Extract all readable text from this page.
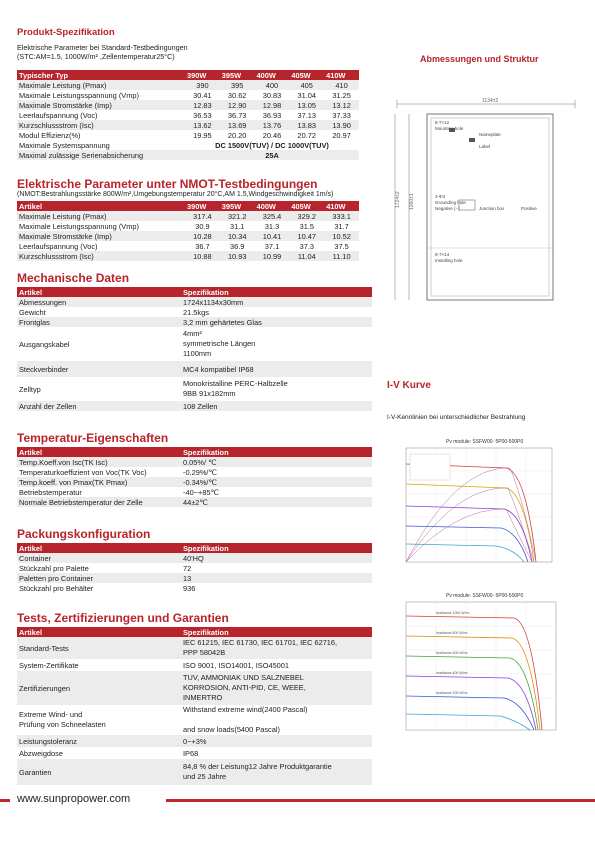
Produkt-Spezifikation
Elektrische Parameter bei Standard-Testbedingungen
(STC:AM=1.5, 1000W/m² ,Zellentemperatur25°C)
Typischer Typ	390W	395W	400W	405W	410W
Maximale Leistung (Pmax)	390	395	400	405	410
Maximale Leistungsspannung (Vmp)	30.41	30.62	30.83	31.04	31.25
Maximale Stromstärke (Imp)	12.83	12.90	12.98	13.05	13.12
Leerlaufspannung (Voc)	36.53	36.73	36.93	37.13	37.33
Kurzschlussstrom (Isc)	13.62	13.69	13.76	13.83	13.90
Modul Effizienz(%)	19.95	20.20	20.46	20.72	20.97
Maximale Systemspannung	DC 1500V(TUV) / DC 1000V(TUV)				
Maximal zulässige Serienabsicherung	25A				
Elektrische Parameter unter NMOT-Testbedingungen
(NMOT:Bestrahlungsstärke 800W/m²,Umgebungstemperatur 20°C,AM 1.5,Windgeschwindigkeit 1m/s)
Artikel	390W	395W	400W	405W	410W
Maximale Leistung (Pmax)	317.4	321.2	325.4	329.2	333.1
Maximale Leistungsspannung (Vmp)	30.9	31.1	31.3	31.5	31.7
Maximale Stromstärke (Imp)	10.28	10.34	10.41	10.47	10.52
Leerlaufspannung (Voc)	36.7	36.9	37.1	37.3	37.5
Kurzschlussstrom (Isc)	10.88	10.93	10.99	11.04	11.10
Mechanische Daten
Artikel	Spezifikation
Abmessungen	1724x1134x30mm
Gewicht	21.5kgs
Frontglas	3,2 mm gehärtetes Glas
Ausgangskabel	4mm²
symmetrische Längen
1100mm
Steckverbinder	MC4 kompatibel IP68
Zelltyp	Monokristalline PERC-Halbzelle
9BB 91x182mm
Anzahl der Zellen	108 Zellen
Temperatur-Eigenschaften
Artikel	Spezifikation
Temp.Koeff.von Isc(TK Isc)	0.05%/ ℃
Temperaturkoeffizient von Voc(TK Voc)	-0.29%/℃
Temp.koeff. von Pmax(TK Pmax)	-0.34%/℃
Betriebstemperatur	-40~+85℃
Normale Betriebstemperatur der Zelle	44±2℃
Packungskonfiguration
Artikel	Spezifikation
Container	40'HQ
Stückzahl pro Palette	72
Paletten pro Container	13
Stückzahl pro Behälter	936
Tests, Zertifizierungen und Garantien
Artikel	Spezifikation
Standard-Tests	IEC 61215, IEC 61730, IEC 61701, IEC 62716,
PPP 58042B
System-Zertifikate	ISO 9001, ISO14001, ISO45001
Zertifizierungen	TUV, AMMONIAK UND SALZNEBEL
KORROSION, ANTI-PID, CE, WEEE,
INMERTRO
Extreme Wind- und
Prüfung von Schneelasten	Withstand extreme wind(2400 Pascal)

and snow loads(5400 Pascal)
Leistungstoleranz	0~+3%
Abzweigdose	IP68
Garantien	84,8 % der Leistung12 Jahre Produktgarantie
und 25 Jahre
Abmessungen und Struktur
1724±2 1260±1
1134±2
8-7×12
Mounting hole
Nameplate
Label
2-Φ4
Grounding hole
Negative (−)	Junction box	Positive
8-7×14
Installing hole
I-V Kurve
I-V-Kennlinien bei unterschiedlicher Bestrahlung
Pv module: SSFW00- 5P00-500P0
Pv module: SSFW00- 5P00-500P0
Irradiance 1000 W/m²
Irradiance 800 W/m²
Irradiance 600 W/m²
Irradiance 400 W/m²
Irradiance 200 W/m²
www.sunpropower.com
